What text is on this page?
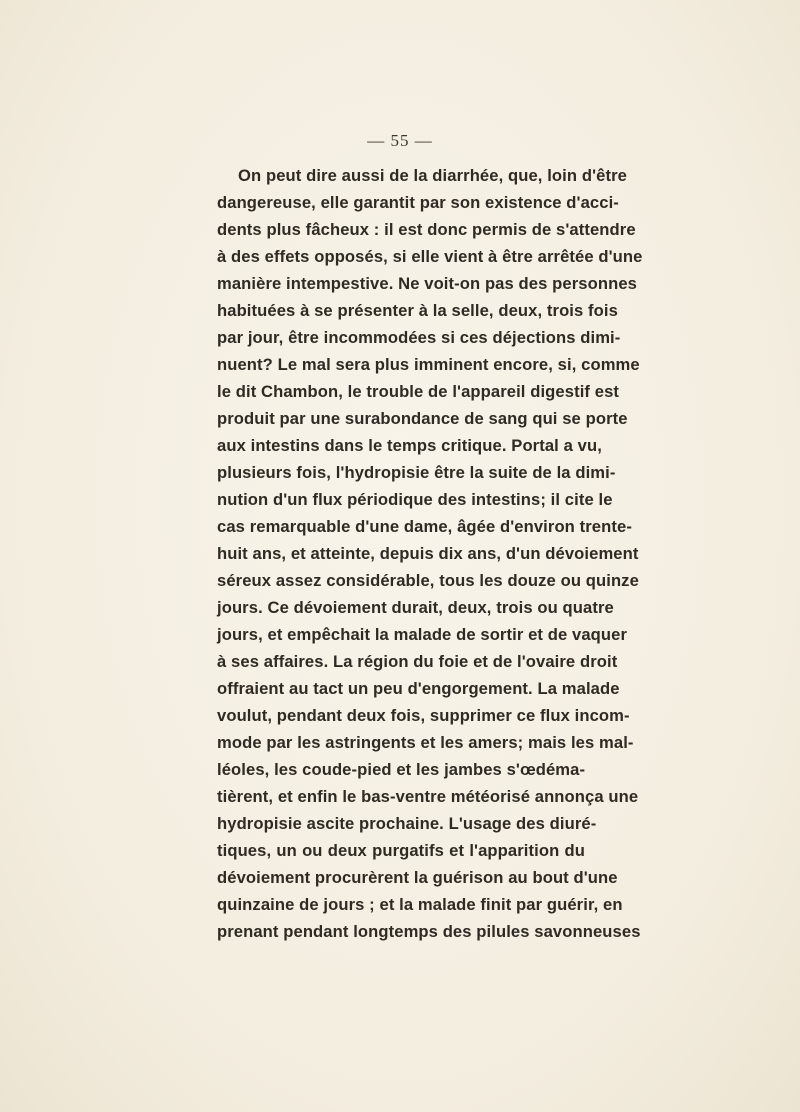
— 55 —
On peut dire aussi de la diarrhée, que, loin d'être
dangereuse, elle garantit par son existence d'acci-
dents plus fâcheux : il est donc permis de s'attendre
à des effets opposés, si elle vient à être arrêtée d'une
manière intempestive. Ne voit-on pas des personnes
habituées à se présenter à la selle, deux, trois fois
par jour, être incommodées si ces déjections dimi-
nuent? Le mal sera plus imminent encore, si, comme
le dit Chambon, le trouble de l'appareil digestif est
produit par une surabondance de sang qui se porte
aux intestins dans le temps critique. Portal a vu,
plusieurs fois, l'hydropisie être la suite de la dimi-
nution d'un flux périodique des intestins; il cite le
cas remarquable d'une dame, âgée d'environ trente-
huit ans, et atteinte, depuis dix ans, d'un dévoiement
séreux assez considérable, tous les douze ou quinze
jours. Ce dévoiement durait, deux, trois ou quatre
jours, et empêchait la malade de sortir et de vaquer
à ses affaires. La région du foie et de l'ovaire droit
offraient au tact un peu d'engorgement. La malade
voulut, pendant deux fois, supprimer ce flux incom-
mode par les astringents et les amers; mais les mal-
léoles, les coude-pied et les jambes s'œdéma-
tièrent, et enfin le bas-ventre météorisé annonça une
hydropisie ascite prochaine. L'usage des diuré-
tiques, un ou deux purgatifs et l'apparition du
dévoiement procurèrent la guérison au bout d'une
quinzaine de jours ; et la malade finit par guérir, en
prenant pendant longtemps des pilules savonneuses
